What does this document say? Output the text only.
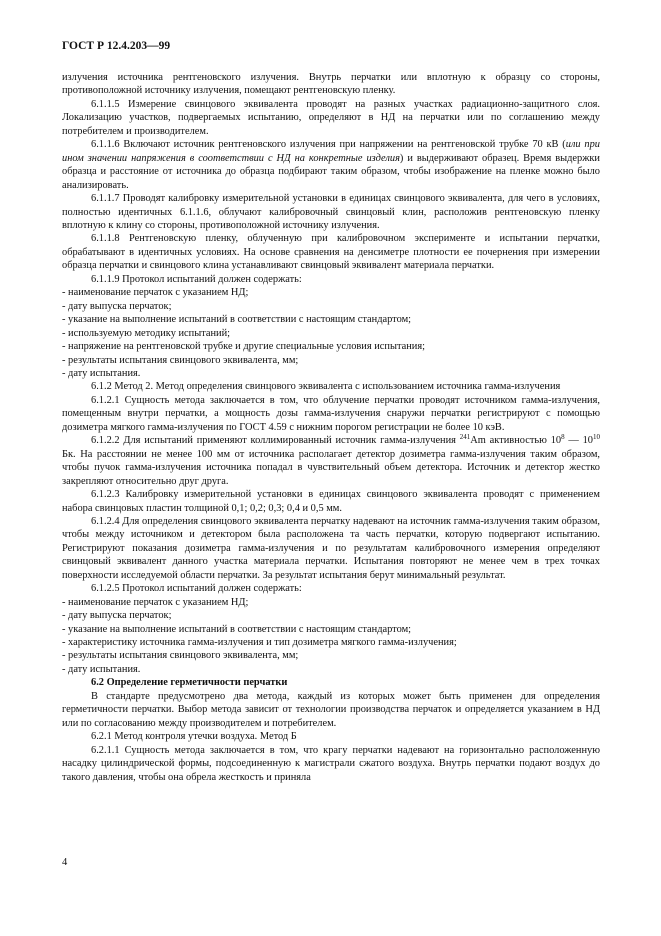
ГОСТ Р 12.4.203—99

излучения источника рентгеновского излучения. Внутрь перчатки или вплотную к образцу со стороны, противоположной источнику излучения, помещают рентгеновскую пленку.

6.1.1.5 Измерение свинцового эквивалента проводят на разных участках радиационно-защитного слоя. Локализацию участков, подвергаемых испытанию, определяют в НД на перчатки или по соглашению между потребителем и производителем.

6.1.1.6 Включают источник рентгеновского излучения при напряжении на рентгеновской трубке 70 кВ (или при ином значении напряжения в соответствии с НД на конкретные изделия) и выдерживают образец. Время выдержки образца и расстояние от источника до образца подбирают таким образом, чтобы изображение на пленке можно было анализировать.

6.1.1.7 Проводят калибровку измерительной установки в единицах свинцового эквивалента, для чего в условиях, полностью идентичных 6.1.1.6, облучают калибровочный свинцовый клин, расположив рентгеновскую пленку вплотную к клину со стороны, противоположной источнику излучения.

6.1.1.8 Рентгеновскую пленку, облученную при калибровочном эксперименте и испытании перчатки, обрабатывают в идентичных условиях. На основе сравнения на денсиметре плотности ее почернения при измерении образца перчатки и свинцового клина устанавливают свинцовый эквивалент материала перчатки.

6.1.1.9 Протокол испытаний должен содержать:

- наименование перчаток с указанием НД;

- дату выпуска перчаток;

- указание на выполнение испытаний в соответствии с настоящим стандартом;

- используемую методику испытаний;

- напряжение на рентгеновской трубке и другие специальные условия испытания;

- результаты испытания свинцового эквивалента, мм;

- дату испытания.

6.1.2 Метод 2. Метод определения свинцового эквивалента с использованием источника гамма-излучения

6.1.2.1 Сущность метода заключается в том, что облучение перчатки проводят источником гамма-излучения, помещенным внутри перчатки, а мощность дозы гамма-излучения снаружи перчатки регистрируют с помощью дозиметра мягкого гамма-излучения по ГОСТ 4.59 с нижним порогом регистрации не более 10 кэВ.

6.1.2.2 Для испытаний применяют коллимированный источник гамма-излучения $^{241}$Am активностью $10^8$ — $10^{10}$ Бк. На расстоянии не менее 100 мм от источника располагает детектор дозиметра гамма-излучения таким образом, чтобы пучок гамма-излучения источника попадал в чувствительный объем детектора. Источник и детектор жестко закрепляют относительно друг друга.

6.1.2.3 Калибровку измерительной установки в единицах свинцового эквивалента проводят с применением набора свинцовых пластин толщиной 0,1; 0,2; 0,3; 0,4 и 0,5 мм.

6.1.2.4 Для определения свинцового эквивалента перчатку надевают на источник гамма-излучения таким образом, чтобы между источником и детектором была расположена та часть перчатки, которую подвергают испытанию. Регистрируют показания дозиметра гамма-излучения и по результатам калибровочного измерения определяют свинцовый эквивалент данного участка материала перчатки. Испытания повторяют не менее чем в трех точках поверхности исследуемой области перчатки. За результат испытания берут минимальный результат.

6.1.2.5 Протокол испытаний должен содержать:

- наименование перчаток с указанием НД;

- дату выпуска перчаток;

- указание на выполнение испытаний в соответствии с настоящим стандартом;

- характеристику источника гамма-излучения и тип дозиметра мягкого гамма-излучения;

- результаты испытания свинцового эквивалента, мм;

- дату испытания.

6.2 Определение герметичности перчатки

В стандарте предусмотрено два метода, каждый из которых может быть применен для определения герметичности перчатки. Выбор метода зависит от технологии производства перчаток и определяется указанием в НД или по согласованию между производителем и потребителем.

6.2.1 Метод контроля утечки воздуха. Метод Б

6.2.1.1 Сущность метода заключается в том, что крагу перчатки надевают на горизонтально расположенную насадку цилиндрической формы, подсоединенную к магистрали сжатого воздуха. Внутрь перчатки подают воздух до такого давления, чтобы она обрела жесткость и приняла

4
